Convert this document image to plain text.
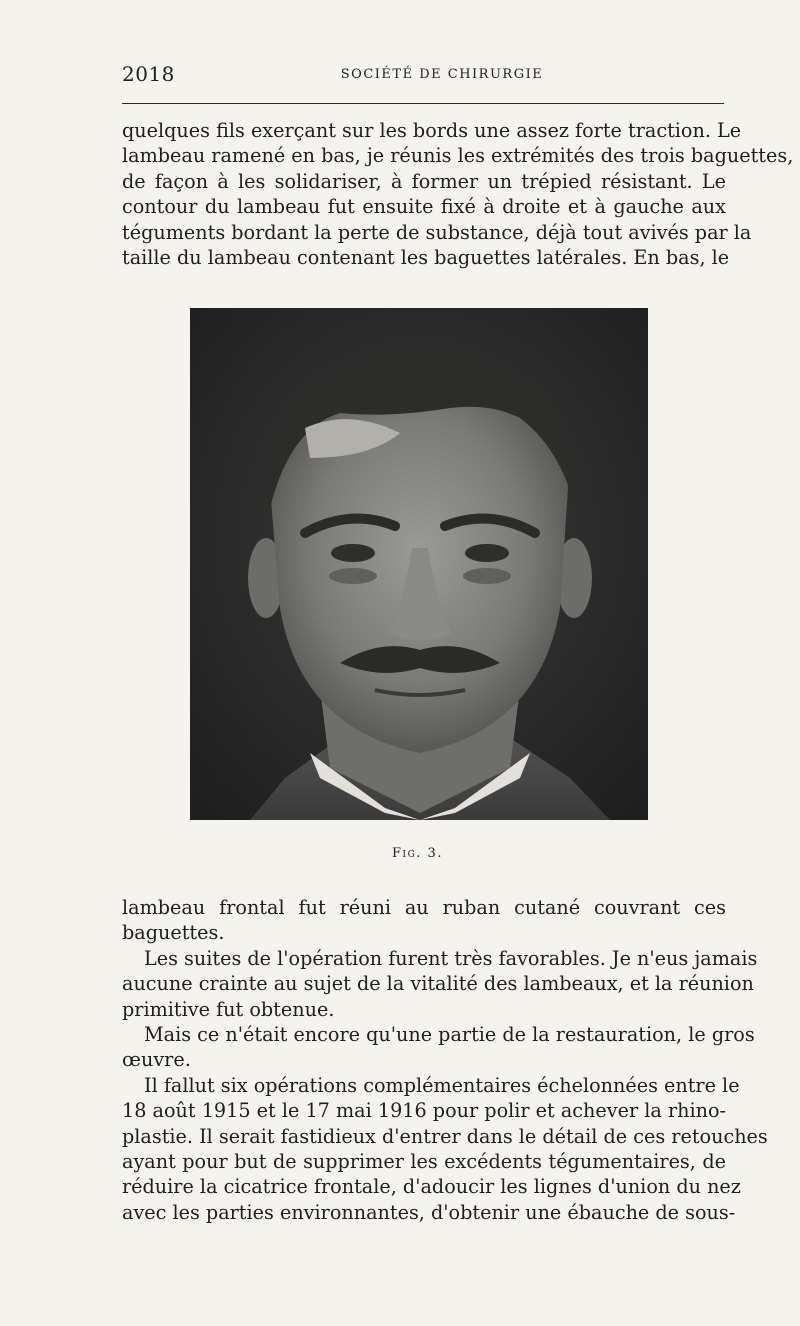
2018	SOCIÉTÉ DE CHIRURGIE

quelques fils exerçant sur les bords une assez forte traction. Le
lambeau ramené en bas, je réunis les extrémités des trois baguettes,
de façon à les solidariser, à former un trépied résistant. Le
contour du lambeau fut ensuite fixé à droite et à gauche aux
téguments bordant la perte de substance, déjà tout avivés par la
taille du lambeau contenant les baguettes latérales. En bas, le

Fig. 3.

lambeau frontal fut réuni au ruban cutané couvrant ces
baguettes.

Les suites de l'opération furent très favorables. Je n'eus jamais
aucune crainte au sujet de la vitalité des lambeaux, et la réunion
primitive fut obtenue.

Mais ce n'était encore qu'une partie de la restauration, le gros
œuvre.

Il fallut six opérations complémentaires échelonnées entre le
18 août 1915 et le 17 mai 1916 pour polir et achever la rhino-
plastie. Il serait fastidieux d'entrer dans le détail de ces retouches
ayant pour but de supprimer les excédents tégumentaires, de
réduire la cicatrice frontale, d'adoucir les lignes d'union du nez
avec les parties environnantes, d'obtenir une ébauche de sous-
